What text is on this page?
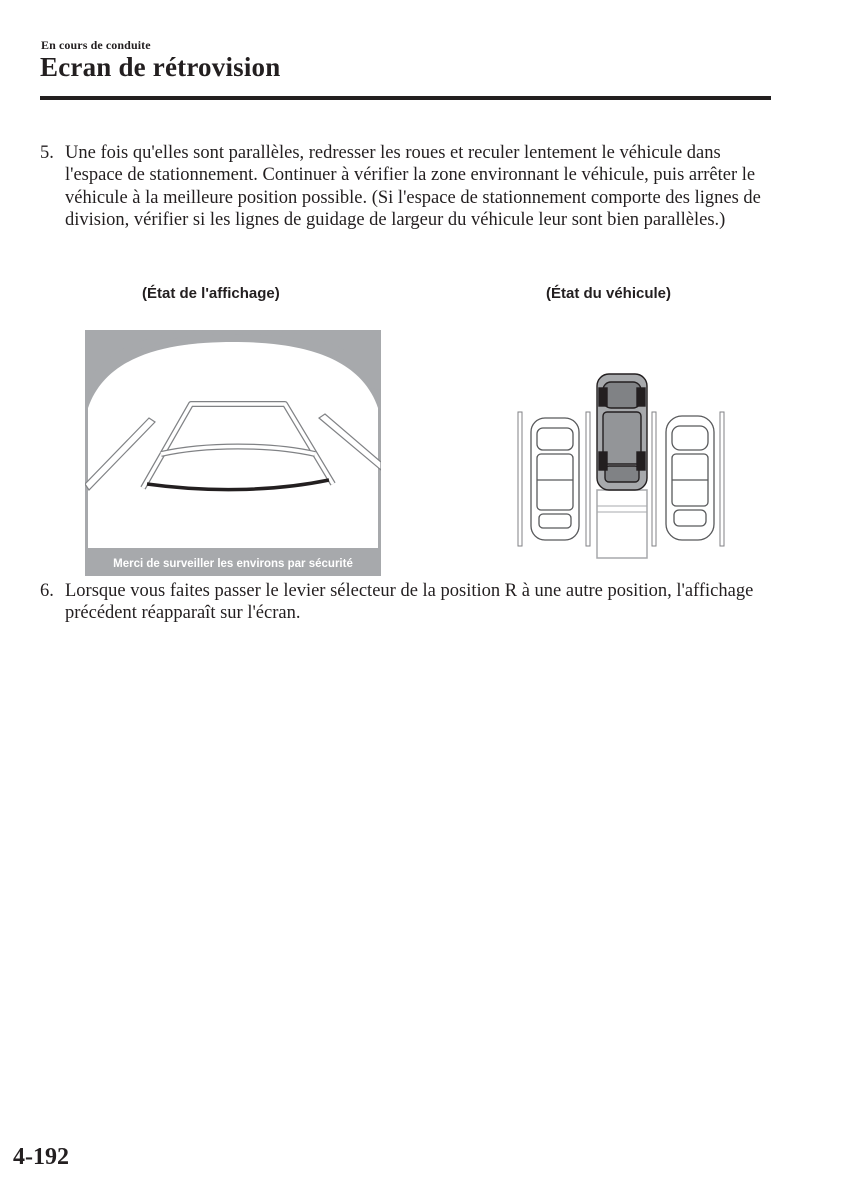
En cours de conduite
Ecran de rétrovision
5. Une fois qu'elles sont parallèles, redresser les roues et reculer lentement le véhicule dans l'espace de stationnement. Continuer à vérifier la zone environnant le véhicule, puis arrêter le véhicule à la meilleure position possible. (Si l'espace de stationnement comporte des lignes de division, vérifier si les lignes de guidage de largeur du véhicule leur sont bien parallèles.)
(État de l'affichage)	(État du véhicule)
Merci de surveiller les environs par sécurité
6. Lorsque vous faites passer le levier sélecteur de la position R à une autre position, l'affichage précédent réapparaît sur l'écran.
4-192
